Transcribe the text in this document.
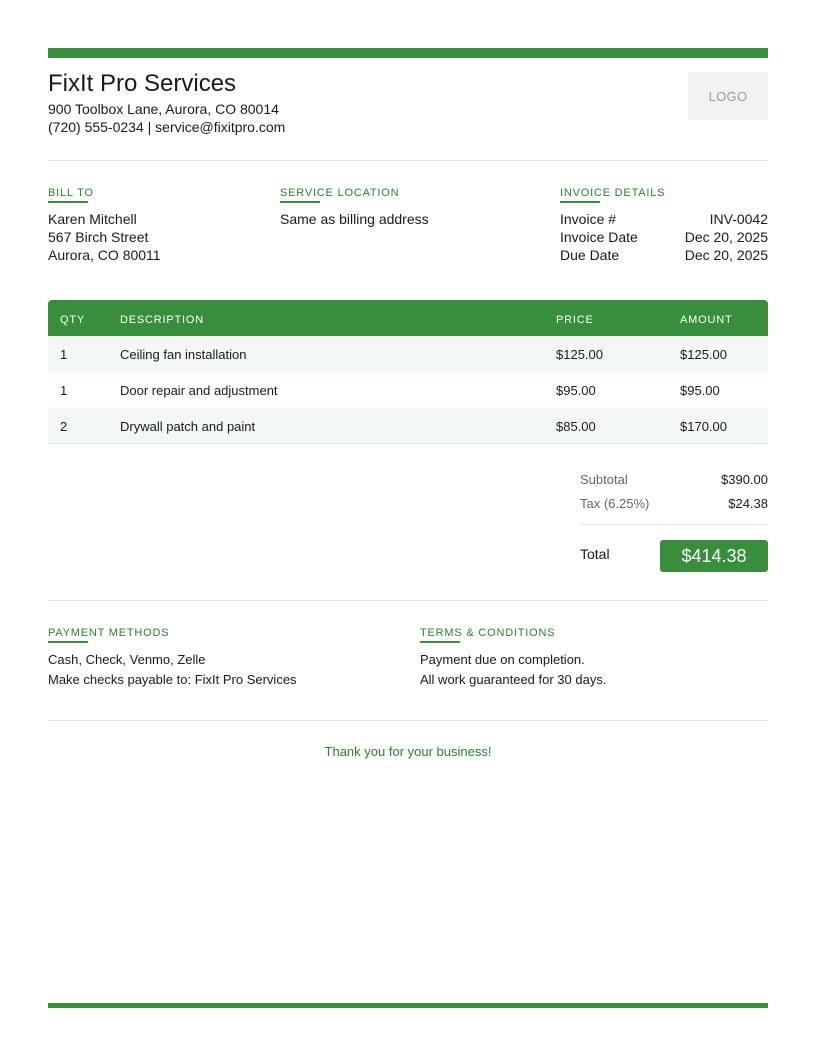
FixIt Pro Services
900 Toolbox Lane, Aurora, CO 80014
(720) 555-0234 | service@fixitpro.com
LOGO
BILL TO
Karen Mitchell
567 Birch Street
Aurora, CO 80011
SERVICE LOCATION
Same as billing address
INVOICE DETAILS
Invoice #	INV-0042
Invoice Date	Dec 20, 2025
Due Date	Dec 20, 2025
QTY	DESCRIPTION	PRICE	AMOUNT
1	Ceiling fan installation	$125.00	$125.00
1	Door repair and adjustment	$95.00	$95.00
2	Drywall patch and paint	$85.00	$170.00
Subtotal	$390.00
Tax (6.25%)	$24.38
Total	$414.38
PAYMENT METHODS
Cash, Check, Venmo, Zelle
Make checks payable to: FixIt Pro Services
TERMS & CONDITIONS
Payment due on completion.
All work guaranteed for 30 days.
Thank you for your business!
